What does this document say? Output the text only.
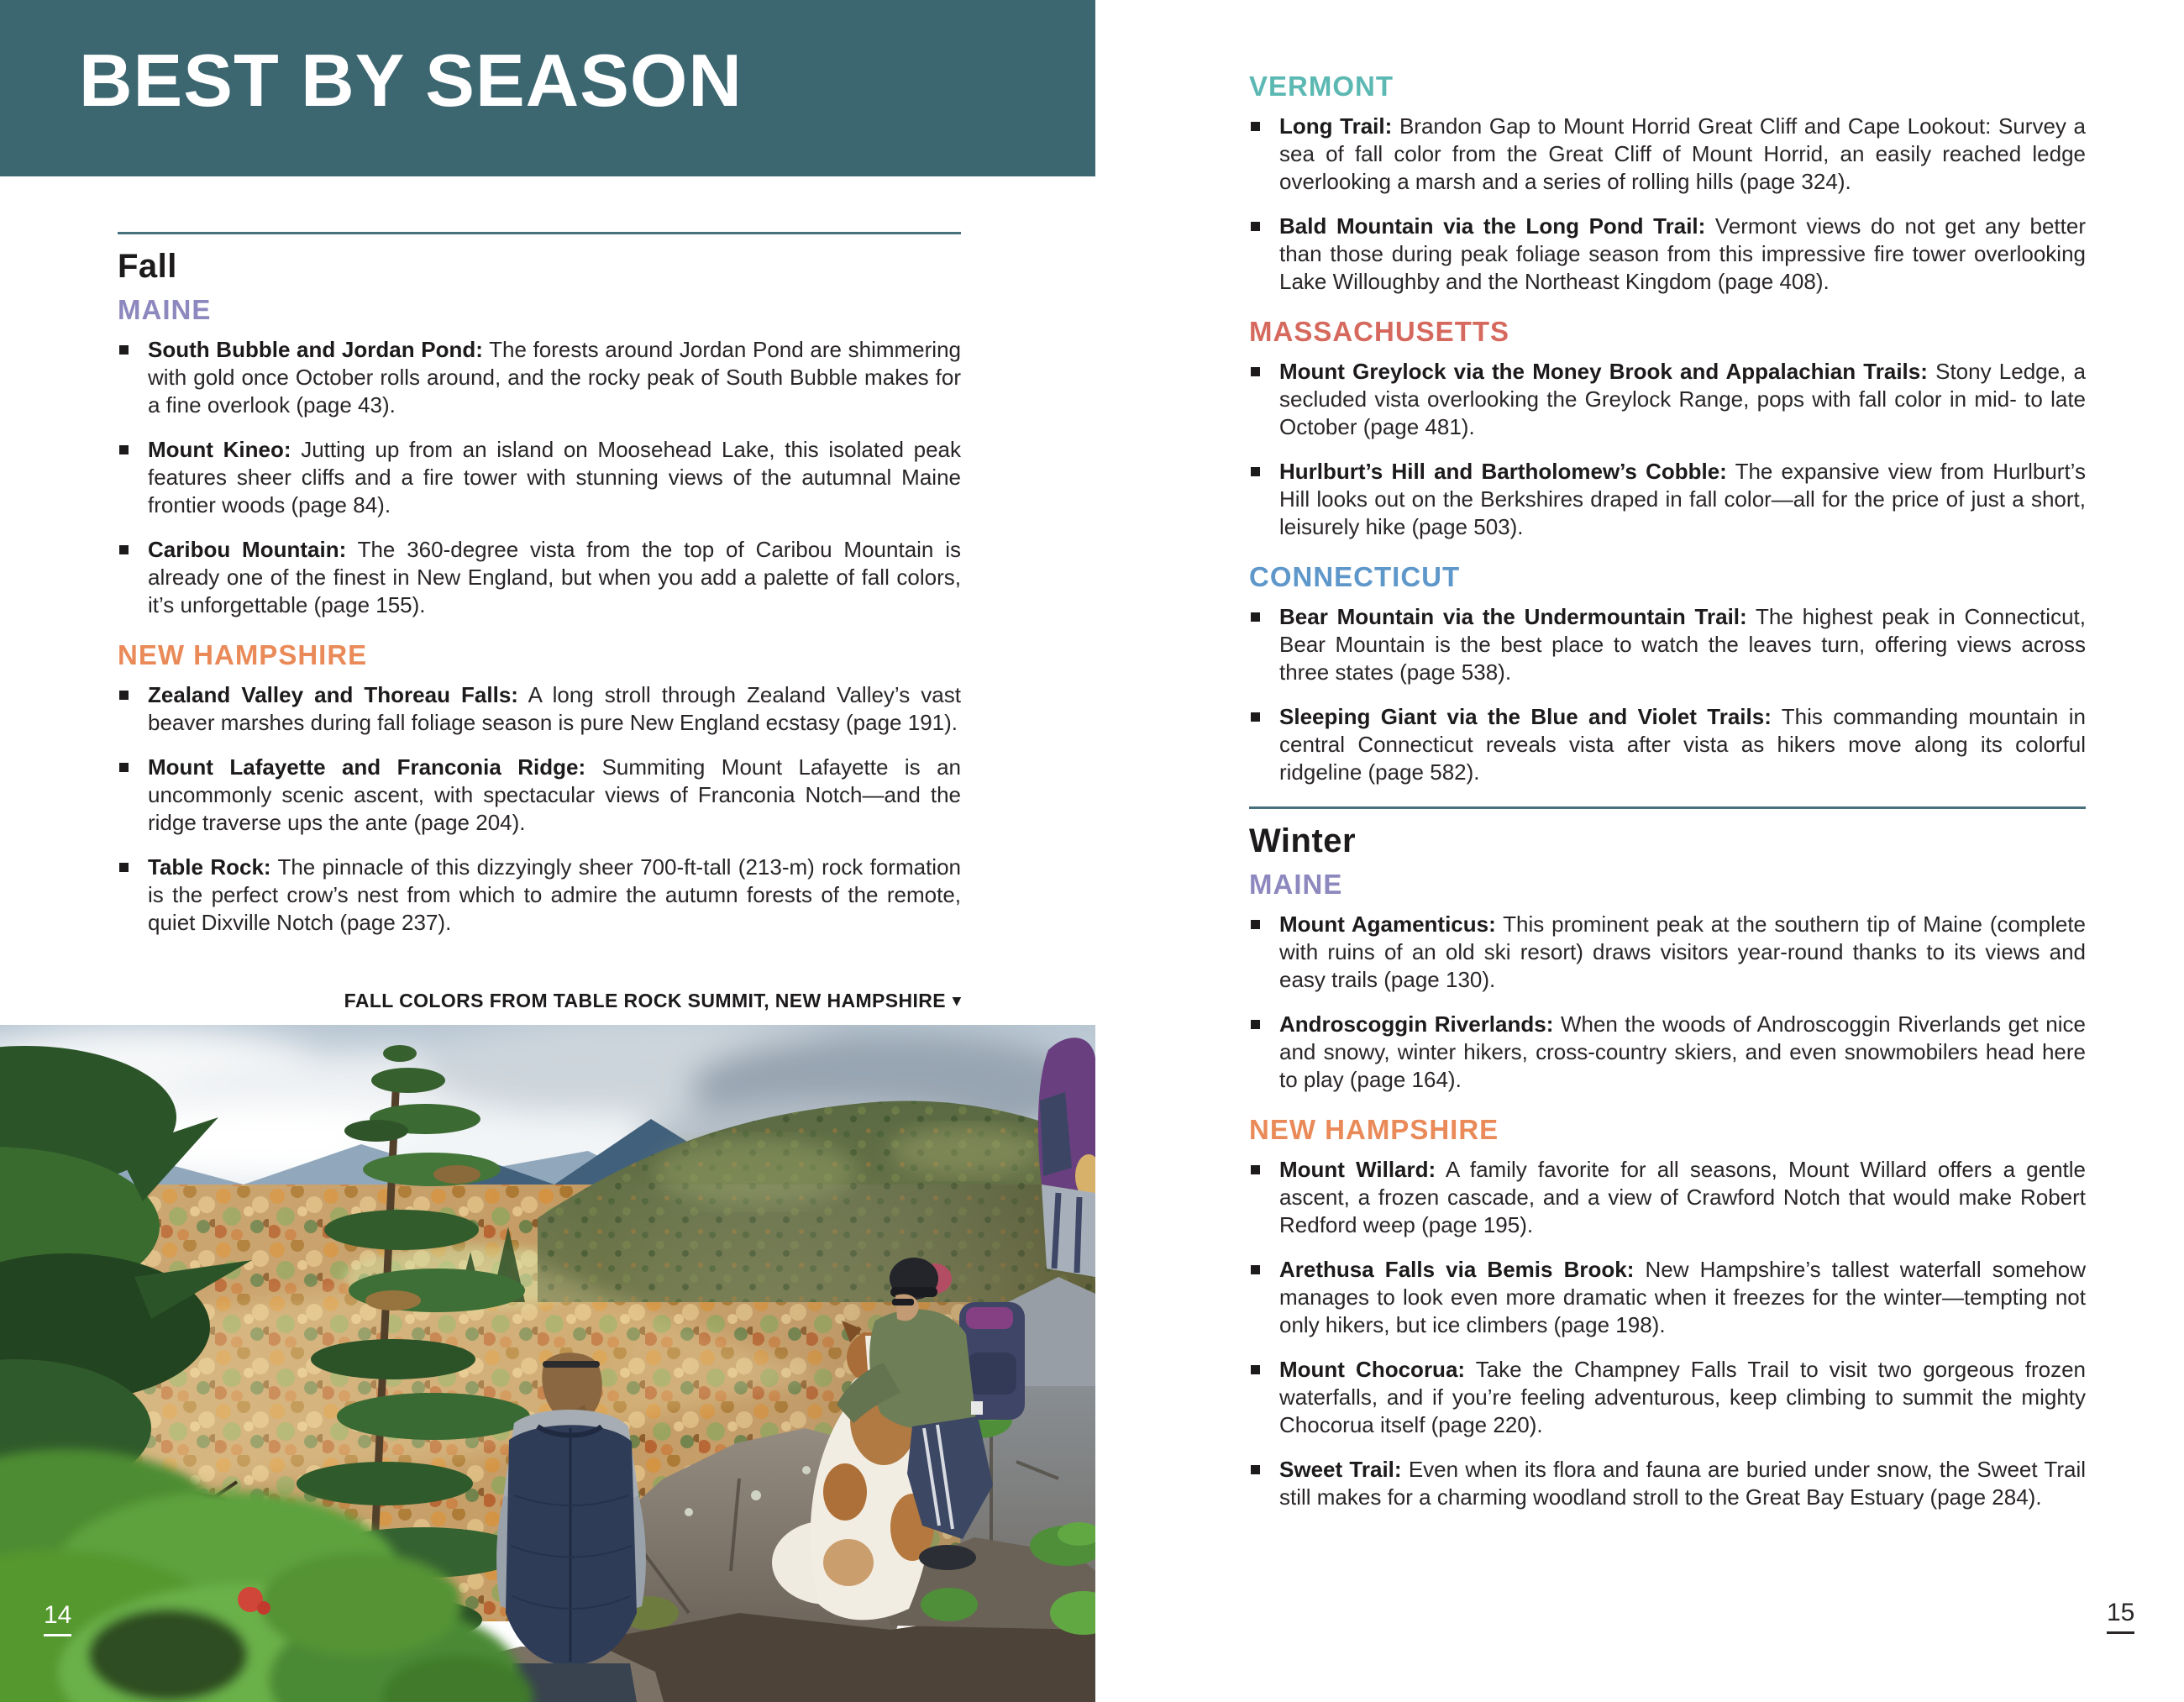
BEST BY SEASON
Fall
MAINE

South Bubble and Jordan Pond: The forests around Jordan Pond are shimmering with gold once October rolls around, and the rocky peak of South Bubble makes for a fine overlook (page 43).

Mount Kineo: Jutting up from an island on Moosehead Lake, this isolated peak features sheer cliffs and a fire tower with stunning views of the autumnal Maine frontier woods (page 84).

Caribou Mountain: The 360-degree vista from the top of Caribou Mountain is already one of the finest in New England, but when you add a palette of fall colors, it’s unforgettable (page 155).

NEW HAMPSHIRE

Zealand Valley and Thoreau Falls: A long stroll through Zealand Valley’s vast beaver marshes during fall foliage season is pure New England ecstasy (page 191).

Mount Lafayette and Franconia Ridge: Summiting Mount Lafayette is an uncommonly scenic ascent, with spectacular views of Franconia Notch—and the ridge traverse ups the ante (page 204).

Table Rock: The pinnacle of this dizzyingly sheer 700-ft-tall (213-m) rock formation is the perfect crow’s nest from which to admire the autumn forests of the remote, quiet Dixville Notch (page 237).

FALL COLORS FROM TABLE ROCK SUMMIT, NEW HAMPSHIRE ▾
VERMONT

Long Trail: Brandon Gap to Mount Horrid Great Cliff and Cape Lookout: Survey a sea of fall color from the Great Cliff of Mount Horrid, an easily reached ledge overlooking a marsh and a series of rolling hills (page 324).

Bald Mountain via the Long Pond Trail: Vermont views do not get any better than those during peak foliage season from this impressive fire tower overlooking Lake Willoughby and the Northeast Kingdom (page 408).

MASSACHUSETTS

Mount Greylock via the Money Brook and Appalachian Trails: Stony Ledge, a secluded vista overlooking the Greylock Range, pops with fall color in mid- to late October (page 481).

Hurlburt’s Hill and Bartholomew’s Cobble: The expansive view from Hurlburt’s Hill looks out on the Berkshires draped in fall color—all for the price of just a short, leisurely hike (page 503).

CONNECTICUT

Bear Mountain via the Undermountain Trail: The highest peak in Connecticut, Bear Mountain is the best place to watch the leaves turn, offering views across three states (page 538).

Sleeping Giant via the Blue and Violet Trails: This commanding mountain in central Connecticut reveals vista after vista as hikers move along its colorful ridgeline (page 582).

Winter
MAINE

Mount Agamenticus: This prominent peak at the southern tip of Maine (complete with ruins of an old ski resort) draws visitors year-round thanks to its views and easy trails (page 130).

Androscoggin Riverlands: When the woods of Androscoggin Riverlands get nice and snowy, winter hikers, cross-country skiers, and even snowmobilers head here to play (page 164).

NEW HAMPSHIRE

Mount Willard: A family favorite for all seasons, Mount Willard offers a gentle ascent, a frozen cascade, and a view of Crawford Notch that would make Robert Redford weep (page 195).

Arethusa Falls via Bemis Brook: New Hampshire’s tallest waterfall somehow manages to look even more dramatic when it freezes for the winter—tempting not only hikers, but ice climbers (page 198).

Mount Chocorua: Take the Champney Falls Trail to visit two gorgeous frozen waterfalls, and if you’re feeling adventurous, keep climbing to summit the mighty Chocorua itself (page 220).

Sweet Trail: Even when its flora and fauna are buried under snow, the Sweet Trail still makes for a charming woodland stroll to the Great Bay Estuary (page 284).

14	15
